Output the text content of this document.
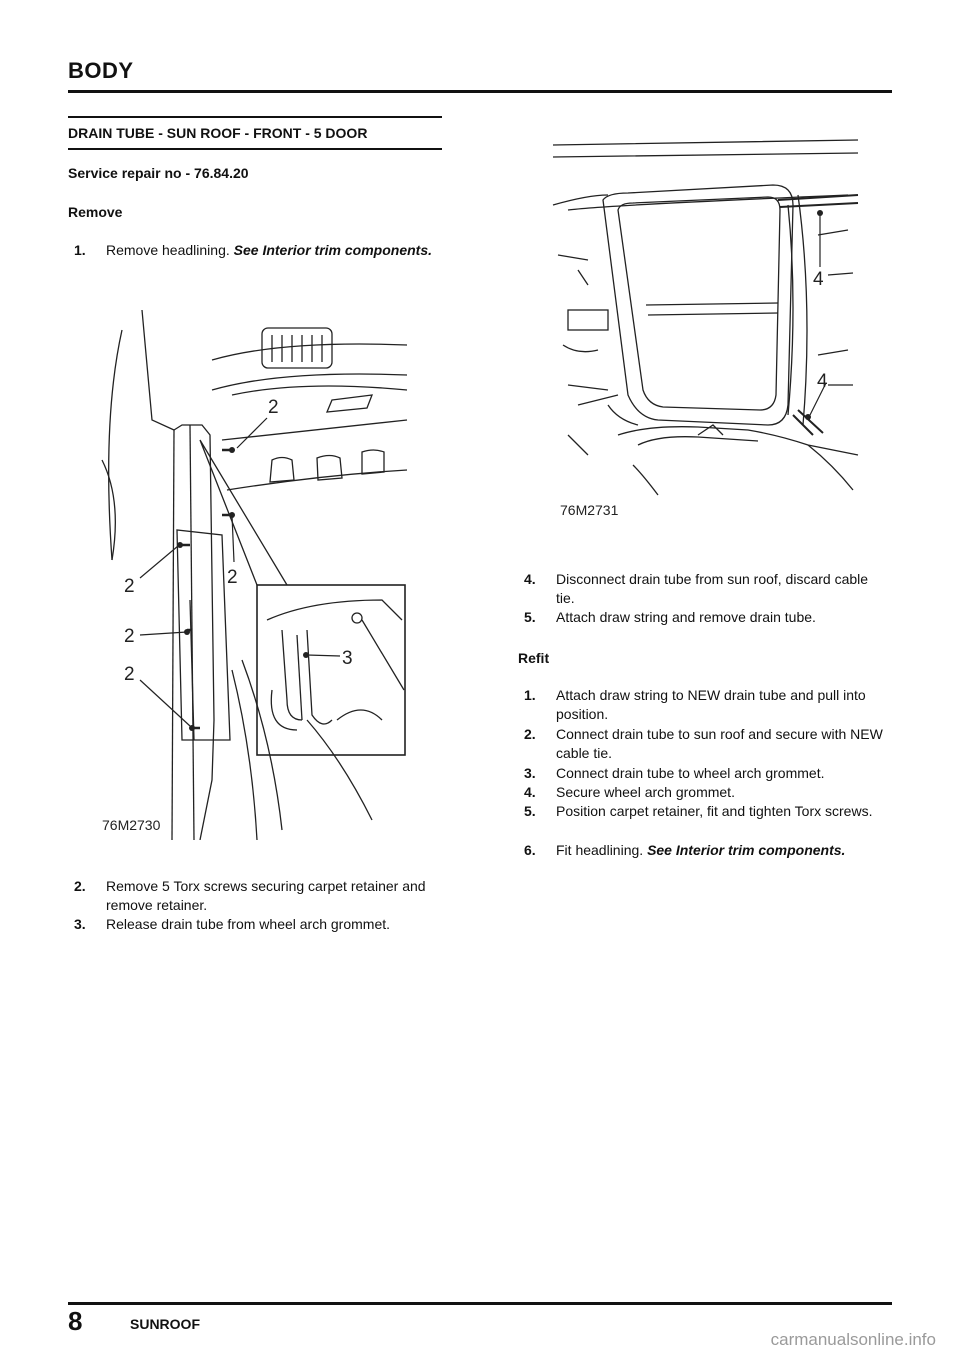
BODY
DRAIN TUBE - SUN ROOF - FRONT - 5 DOOR
Service repair no - 76.84.20
Remove
1.	Remove headlining. See Interior trim components.
2
2
2
2
2
3
76M2730
2.	Remove 5 Torx screws securing carpet retainer and remove retainer.
3.	Release drain tube from wheel arch grommet.
4
4
76M2731
4.	Disconnect drain tube from sun roof, discard cable tie.
5.	Attach draw string and remove drain tube.
Refit
1.	Attach draw string to NEW drain tube and pull into position.
2.	Connect drain tube to sun roof and secure with NEW cable tie.
3.	Connect drain tube to wheel arch grommet.
4.	Secure wheel arch grommet.
5.	Position carpet retainer, fit and tighten Torx screws.
6.	Fit headlining. See Interior trim components.
8	SUNROOF
carmanualsonline.info
